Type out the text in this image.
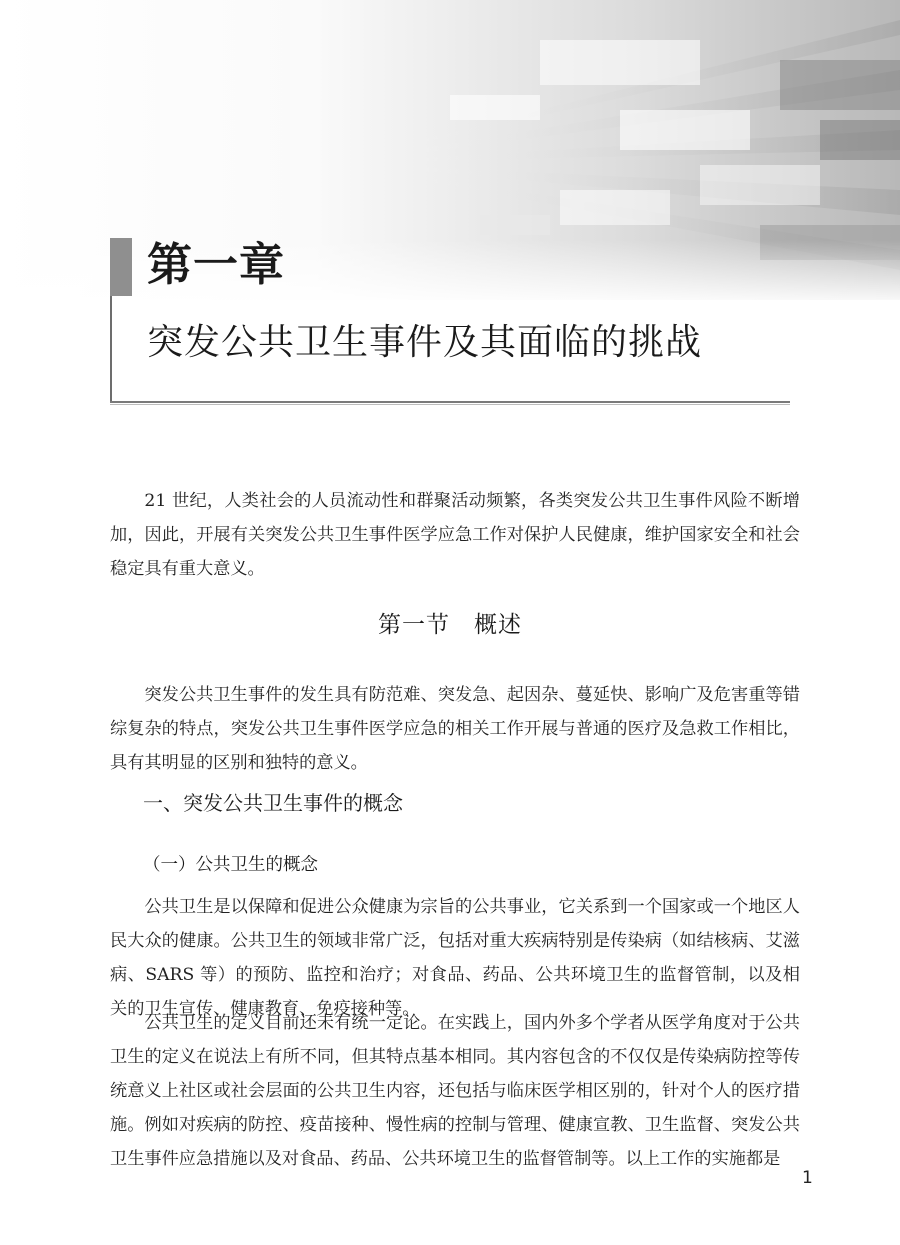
第一章
突发公共卫生事件及其面临的挑战

21 世纪，人类社会的人员流动性和群聚活动频繁，各类突发公共卫生事件风险不断增加，因此，开展有关突发公共卫生事件医学应急工作对保护人民健康，维护国家安全和社会稳定具有重大意义。

第一节　概述

突发公共卫生事件的发生具有防范难、突发急、起因杂、蔓延快、影响广及危害重等错综复杂的特点，突发公共卫生事件医学应急的相关工作开展与普通的医疗及急救工作相比，具有其明显的区别和独特的意义。

一、突发公共卫生事件的概念
（一）公共卫生的概念

公共卫生是以保障和促进公众健康为宗旨的公共事业，它关系到一个国家或一个地区人民大众的健康。公共卫生的领域非常广泛，包括对重大疾病特别是传染病（如结核病、艾滋病、SARS 等）的预防、监控和治疗；对食品、药品、公共环境卫生的监督管制，以及相关的卫生宣传、健康教育、免疫接种等。

公共卫生的定义目前还未有统一定论。在实践上，国内外多个学者从医学角度对于公共卫生的定义在说法上有所不同，但其特点基本相同。其内容包含的不仅仅是传染病防控等传统意义上社区或社会层面的公共卫生内容，还包括与临床医学相区别的，针对个人的医疗措施。例如对疾病的防控、疫苗接种、慢性病的控制与管理、健康宣教、卫生监督、突发公共卫生事件应急措施以及对食品、药品、公共环境卫生的监督管制等。以上工作的实施都是

1
